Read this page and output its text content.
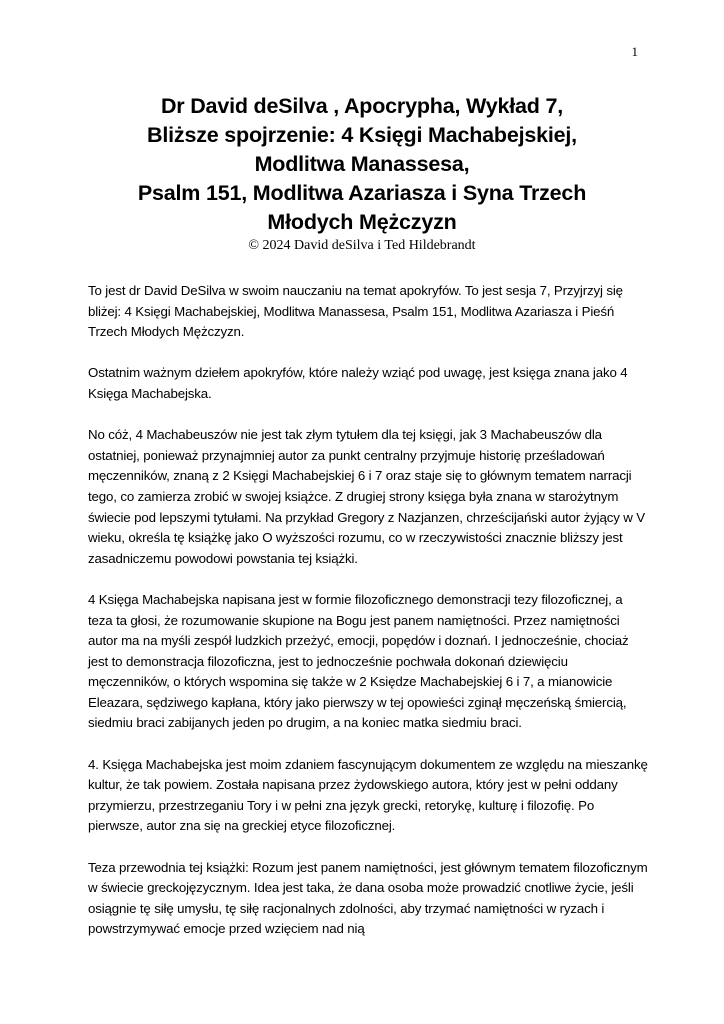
1
Dr David deSilva , Apocrypha, Wykład 7,
Bliższe spojrzenie: 4 Księgi Machabejskiej,
Modlitwa Manassesa,
Psalm 151, Modlitwa Azariasza i Syna Trzech
Młodych Mężczyzn
© 2024 David deSilva i Ted Hildebrandt

To jest dr David DeSilva w swoim nauczaniu na temat apokryfów. To jest sesja 7, Przyjrzyj się bliżej: 4 Księgi Machabejskiej, Modlitwa Manassesa, Psalm 151, Modlitwa Azariasza i Pieśń Trzech Młodych Mężczyzn.

Ostatnim ważnym dziełem apokryfów, które należy wziąć pod uwagę, jest księga znana jako 4 Księga Machabejska.

No cóż, 4 Machabeuszów nie jest tak złym tytułem dla tej księgi, jak 3 Machabeuszów dla ostatniej, ponieważ przynajmniej autor za punkt centralny przyjmuje historię prześladowań męczenników, znaną z 2 Księgi Machabejskiej 6 i 7 oraz staje się to głównym tematem narracji tego, co zamierza zrobić w swojej książce. Z drugiej strony księga była znana w starożytnym świecie pod lepszymi tytułami. Na przykład Gregory z Nazjanzen, chrześcijański autor żyjący w V wieku, określa tę książkę jako O wyższości rozumu, co w rzeczywistości znacznie bliższy jest zasadniczemu powodowi powstania tej książki.

4 Księga Machabejska napisana jest w formie filozoficznego demonstracji tezy filozoficznej, a teza ta głosi, że rozumowanie skupione na Bogu jest panem namiętności. Przez namiętności autor ma na myśli zespół ludzkich przeżyć, emocji, popędów i doznań. I jednocześnie, chociaż jest to demonstracja filozoficzna, jest to jednocześnie pochwała dokonań dziewięciu męczenników, o których wspomina się także w 2 Księdze Machabejskiej 6 i 7, a mianowicie Eleazara, sędziwego kapłana, który jako pierwszy w tej opowieści zginął męczeńską śmiercią, siedmiu braci zabijanych jeden po drugim, a na koniec matka siedmiu braci.

4. Księga Machabejska jest moim zdaniem fascynującym dokumentem ze względu na mieszankę kultur, że tak powiem. Została napisana przez żydowskiego autora, który jest w pełni oddany przymierzu, przestrzeganiu Tory i w pełni zna język grecki, retorykę, kulturę i filozofię. Po pierwsze, autor zna się na greckiej etyce filozoficznej.

Teza przewodnia tej książki: Rozum jest panem namiętności, jest głównym tematem filozoficznym w świecie greckojęzycznym. Idea jest taka, że dana osoba może prowadzić cnotliwe życie, jeśli osiągnie tę siłę umysłu, tę siłę racjonalnych zdolności, aby trzymać namiętności w ryzach i powstrzymywać emocje przed wzięciem nad nią
